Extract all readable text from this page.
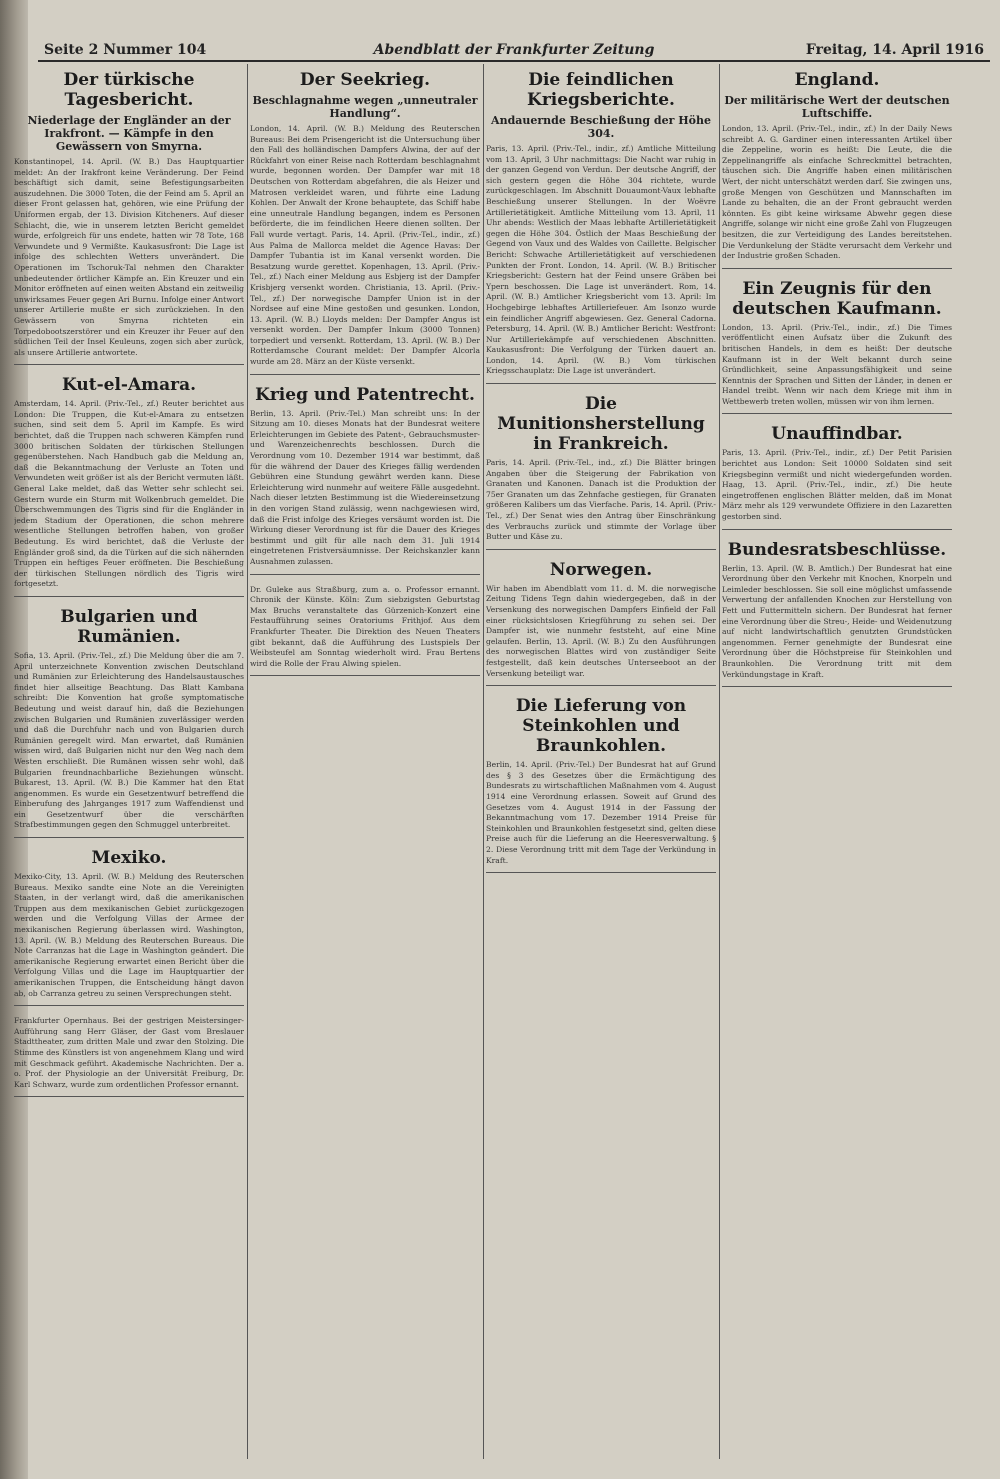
Seite 2 Nummer 104	Abendblatt der Frankfurter Zeitung	Freitag, 14. April 1916
Der türkische Tagesbericht.
Niederlage der Engländer an der Irakfront. — Kämpfe in den Gewässern von Smyrna.
Konstantinopel, 14. April. (W. B.) Das Hauptquartier meldet: An der Irakfront keine Veränderung. Der Feind beschäftigt sich damit, seine Befestigungsarbeiten auszudehnen. Die 3000 Toten, die der Feind am 5. April an dieser Front gelassen hat, gehören, wie eine Prüfung der Uniformen ergab, der 13. Division Kitcheners. Auf dieser Schlacht, die, wie in unserem letzten Bericht gemeldet wurde, erfolgreich für uns endete, hatten wir 78 Tote, 168 Verwundete und 9 Vermißte. Kaukasusfront: Die Lage ist infolge des schlechten Wetters unverändert. Die Operationen im Tschoruk-Tal nehmen den Charakter unbedeutender örtlicher Kämpfe an. Ein Kreuzer und ein Monitor eröffneten auf einen weiten Abstand ein zeitweilig unwirksames Feuer gegen Ari Burnu. Infolge einer Antwort unserer Artillerie mußte er sich zurückziehen. In den Gewässern von Smyrna richteten ein Torpedobootszerstörer und ein Kreuzer ihr Feuer auf den südlichen Teil der Insel Keuleuns, zogen sich aber zurück, als unsere Artillerie antwortete.
Kut-el-Amara.
Amsterdam, 14. April. (Priv.-Tel., zf.) Reuter berichtet aus London: Die Truppen, die Kut-el-Amara zu entsetzen suchen, sind seit dem 5. April im Kampfe. Es wird berichtet, daß die Truppen nach schweren Kämpfen rund 3000 britischen Soldaten der türkischen Stellungen gegenüberstehen. Nach Handbuch gab die Meldung an, daß die Bekanntmachung der Verluste an Toten und Verwundeten weit größer ist als der Bericht vermuten läßt. General Lake meldet, daß das Wetter sehr schlecht sei. Gestern wurde ein Sturm mit Wolkenbruch gemeldet. Die Überschwemmungen des Tigris sind für die Engländer in jedem Stadium der Operationen, die schon mehrere wesentliche Stellungen betroffen haben, von großer Bedeutung. Es wird berichtet, daß die Verluste der Engländer groß sind, da die Türken auf die sich nähernden Truppen ein heftiges Feuer eröffneten. Die Beschießung der türkischen Stellungen nördlich des Tigris wird fortgesetzt.
Bulgarien und Rumänien.
Sofia, 13. April. (Priv.-Tel., zf.) Die Meldung über die am 7. April unterzeichnete Konvention zwischen Deutschland und Rumänien zur Erleichterung des Handelsaustausches findet hier allseitige Beachtung. Das Blatt Kambana schreibt: Die Konvention hat große symptomatische Bedeutung und weist darauf hin, daß die Beziehungen zwischen Bulgarien und Rumänien zuverlässiger werden und daß die Durchfuhr nach und von Bulgarien durch Rumänien geregelt wird. Man erwartet, daß Rumänien wissen wird, daß Bulgarien nicht nur den Weg nach dem Westen erschließt. Die Rumänen wissen sehr wohl, daß Bulgarien freundnachbarliche Beziehungen wünscht. Bukarest, 13. April. (W. B.) Die Kammer hat den Etat angenommen. Es wurde ein Gesetzentwurf betreffend die Einberufung des Jahrganges 1917 zum Waffendienst und ein Gesetzentwurf über die verschärften Strafbestimmungen gegen den Schmuggel unterbreitet.
Mexiko.
Mexiko-City, 13. April. (W. B.) Meldung des Reuterschen Bureaus. Mexiko sandte eine Note an die Vereinigten Staaten, in der verlangt wird, daß die amerikanischen Truppen aus dem mexikanischen Gebiet zurückgezogen werden und die Verfolgung Villas der Armee der mexikanischen Regierung überlassen wird. Washington, 13. April. (W. B.) Meldung des Reuterschen Bureaus. Die Note Carranzas hat die Lage in Washington geändert. Die amerikanische Regierung erwartet einen Bericht über die Verfolgung Villas und die Lage im Hauptquartier der amerikanischen Truppen, die Entscheidung hängt davon ab, ob Carranza getreu zu seinen Versprechungen steht.
Frankfurter Opernhaus. Bei der gestrigen Meistersinger-Aufführung sang Herr Gläser, der Gast vom Breslauer Stadttheater, zum dritten Male und zwar den Stolzing. Die Stimme des Künstlers ist von angenehmem Klang und wird mit Geschmack geführt. Akademische Nachrichten. Der a. o. Prof. der Physiologie an der Universität Freiburg, Dr. Karl Schwarz, wurde zum ordentlichen Professor ernannt.
Der Seekrieg.
Beschlagnahme wegen „unneutraler Handlung“.
London, 14. April. (W. B.) Meldung des Reuterschen Bureaus: Bei dem Prisengericht ist die Untersuchung über den Fall des holländischen Dampfers Alwina, der auf der Rückfahrt von einer Reise nach Rotterdam beschlagnahmt wurde, begonnen worden. Der Dampfer war mit 18 Deutschen von Rotterdam abgefahren, die als Heizer und Matrosen verkleidet waren, und führte eine Ladung Kohlen. Der Anwalt der Krone behauptete, das Schiff habe eine unneutrale Handlung begangen, indem es Personen beförderte, die im feindlichen Heere dienen sollten. Der Fall wurde vertagt. Paris, 14. April. (Priv.-Tel., indir., zf.) Aus Palma de Mallorca meldet die Agence Havas: Der Dampfer Tubantia ist im Kanal versenkt worden. Die Besatzung wurde gerettet. Kopenhagen, 13. April. (Priv.-Tel., zf.) Nach einer Meldung aus Esbjerg ist der Dampfer Krisbjerg versenkt worden. Christiania, 13. April. (Priv.-Tel., zf.) Der norwegische Dampfer Union ist in der Nordsee auf eine Mine gestoßen und gesunken. London, 13. April. (W. B.) Lloyds melden: Der Dampfer Angus ist versenkt worden. Der Dampfer Inkum (3000 Tonnen) torpediert und versenkt. Rotterdam, 13. April. (W. B.) Der Rotterdamsche Courant meldet: Der Dampfer Alcorla wurde am 28. März an der Küste versenkt.
Krieg und Patentrecht.
Berlin, 13. April. (Priv.-Tel.) Man schreibt uns: In der Sitzung am 10. dieses Monats hat der Bundesrat weitere Erleichterungen im Gebiete des Patent-, Gebrauchsmuster- und Warenzeichenrechts beschlossen. Durch die Verordnung vom 10. Dezember 1914 war bestimmt, daß für die während der Dauer des Krieges fällig werdenden Gebühren eine Stundung gewährt werden kann. Diese Erleichterung wird nunmehr auf weitere Fälle ausgedehnt. Nach dieser letzten Bestimmung ist die Wiedereinsetzung in den vorigen Stand zulässig, wenn nachgewiesen wird, daß die Frist infolge des Krieges versäumt worden ist. Die Wirkung dieser Verordnung ist für die Dauer des Krieges bestimmt und gilt für alle nach dem 31. Juli 1914 eingetretenen Fristversäumnisse. Der Reichskanzler kann Ausnahmen zulassen.
Dr. Guleke aus Straßburg, zum a. o. Professor ernannt. Chronik der Künste. Köln: Zum siebzigsten Geburtstag Max Bruchs veranstaltete das Gürzenich-Konzert eine Festaufführung seines Oratoriums Frithjof. Aus dem Frankfurter Theater. Die Direktion des Neuen Theaters gibt bekannt, daß die Aufführung des Lustspiels Der Weibsteufel am Sonntag wiederholt wird. Frau Bertens wird die Rolle der Frau Alwing spielen.
Die feindlichen Kriegsberichte.
Andauernde Beschießung der Höhe 304.
Paris, 13. April. (Priv.-Tel., indir., zf.) Amtliche Mitteilung vom 13. April, 3 Uhr nachmittags: Die Nacht war ruhig in der ganzen Gegend von Verdun. Der deutsche Angriff, der sich gestern gegen die Höhe 304 richtete, wurde zurückgeschlagen. Im Abschnitt Douaumont-Vaux lebhafte Beschießung unserer Stellungen. In der Woëvre Artillerietätigkeit. Amtliche Mitteilung vom 13. April, 11 Uhr abends: Westlich der Maas lebhafte Artillerietätigkeit gegen die Höhe 304. Östlich der Maas Beschießung der Gegend von Vaux und des Waldes von Caillette. Belgischer Bericht: Schwache Artillerietätigkeit auf verschiedenen Punkten der Front. London, 14. April. (W. B.) Britischer Kriegsbericht: Gestern hat der Feind unsere Gräben bei Ypern beschossen. Die Lage ist unverändert. Rom, 14. April. (W. B.) Amtlicher Kriegsbericht vom 13. April: Im Hochgebirge lebhaftes Artilleriefeuer. Am Isonzo wurde ein feindlicher Angriff abgewiesen. Gez. General Cadorna. Petersburg, 14. April. (W. B.) Amtlicher Bericht: Westfront: Nur Artilleriekämpfe auf verschiedenen Abschnitten. Kaukasusfront: Die Verfolgung der Türken dauert an. London, 14. April. (W. B.) Vom türkischen Kriegsschauplatz: Die Lage ist unverändert.
Die Munitionsherstellung in Frankreich.
Paris, 14. April. (Priv.-Tel., ind., zf.) Die Blätter bringen Angaben über die Steigerung der Fabrikation von Granaten und Kanonen. Danach ist die Produktion der 75er Granaten um das Zehnfache gestiegen, für Granaten größeren Kalibers um das Vierfache. Paris, 14. April. (Priv.-Tel., zf.) Der Senat wies den Antrag über Einschränkung des Verbrauchs zurück und stimmte der Vorlage über Butter und Käse zu.
Norwegen.
Wir haben im Abendblatt vom 11. d. M. die norwegische Zeitung Tidens Tegn dahin wiedergegeben, daß in der Versenkung des norwegischen Dampfers Einfield der Fall einer rücksichtslosen Kriegführung zu sehen sei. Der Dampfer ist, wie nunmehr feststeht, auf eine Mine gelaufen. Berlin, 13. April. (W. B.) Zu den Ausführungen des norwegischen Blattes wird von zuständiger Seite festgestellt, daß kein deutsches Unterseeboot an der Versenkung beteiligt war.
Die Lieferung von Steinkohlen und Braunkohlen.
Berlin, 14. April. (Priv.-Tel.) Der Bundesrat hat auf Grund des § 3 des Gesetzes über die Ermächtigung des Bundesrats zu wirtschaftlichen Maßnahmen vom 4. August 1914 eine Verordnung erlassen. Soweit auf Grund des Gesetzes vom 4. August 1914 in der Fassung der Bekanntmachung vom 17. Dezember 1914 Preise für Steinkohlen und Braunkohlen festgesetzt sind, gelten diese Preise auch für die Lieferung an die Heeresverwaltung. § 2. Diese Verordnung tritt mit dem Tage der Verkündung in Kraft.
England.
Der militärische Wert der deutschen Luftschiffe.
London, 13. April. (Priv.-Tel., indir., zf.) In der Daily News schreibt A. G. Gardiner einen interessanten Artikel über die Zeppeline, worin es heißt: Die Leute, die die Zeppelinangriffe als einfache Schreckmittel betrachten, täuschen sich. Die Angriffe haben einen militärischen Wert, der nicht unterschätzt werden darf. Sie zwingen uns, große Mengen von Geschützen und Mannschaften im Lande zu behalten, die an der Front gebraucht werden könnten. Es gibt keine wirksame Abwehr gegen diese Angriffe, solange wir nicht eine große Zahl von Flugzeugen besitzen, die zur Verteidigung des Landes bereitstehen. Die Verdunkelung der Städte verursacht dem Verkehr und der Industrie großen Schaden.
Ein Zeugnis für den deutschen Kaufmann.
London, 13. April. (Priv.-Tel., indir., zf.) Die Times veröffentlicht einen Aufsatz über die Zukunft des britischen Handels, in dem es heißt: Der deutsche Kaufmann ist in der Welt bekannt durch seine Gründlichkeit, seine Anpassungsfähigkeit und seine Kenntnis der Sprachen und Sitten der Länder, in denen er Handel treibt. Wenn wir nach dem Kriege mit ihm in Wettbewerb treten wollen, müssen wir von ihm lernen.
Unauffindbar.
Paris, 13. April. (Priv.-Tel., indir., zf.) Der Petit Parisien berichtet aus London: Seit 10000 Soldaten sind seit Kriegsbeginn vermißt und nicht wiedergefunden worden. Haag, 13. April. (Priv.-Tel., indir., zf.) Die heute eingetroffenen englischen Blätter melden, daß im Monat März mehr als 129 verwundete Offiziere in den Lazaretten gestorben sind.
Bundesratsbeschlüsse.
Berlin, 13. April. (W. B. Amtlich.) Der Bundesrat hat eine Verordnung über den Verkehr mit Knochen, Knorpeln und Leimleder beschlossen. Sie soll eine möglichst umfassende Verwertung der anfallenden Knochen zur Herstellung von Fett und Futtermitteln sichern. Der Bundesrat hat ferner eine Verordnung über die Streu-, Heide- und Weidenutzung auf nicht landwirtschaftlich genutzten Grundstücken angenommen. Ferner genehmigte der Bundesrat eine Verordnung über die Höchstpreise für Steinkohlen und Braunkohlen. Die Verordnung tritt mit dem Verkündungstage in Kraft.
